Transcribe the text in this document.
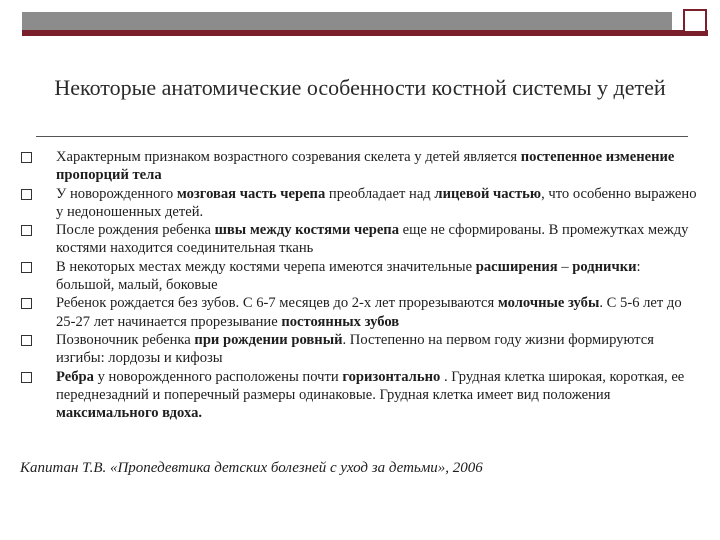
Некоторые анатомические особенности костной системы у детей
Характерным признаком возрастного созревания скелета у детей является постепенное изменение пропорций тела
У новорожденного мозговая часть черепа преобладает над лицевой частью, что особенно выражено у недоношенных детей.
После рождения ребенка швы между костями черепа еще не сформированы. В промежутках между костями находится соединительная ткань
В некоторых местах между костями черепа имеются значительные расширения – роднички: большой, малый, боковые
Ребенок рождается без зубов. С 6-7 месяцев до 2-х лет прорезываются молочные зубы. С 5-6 лет до 25-27 лет начинается прорезывание постоянных зубов
Позвоночник ребенка при рождении ровный. Постепенно на первом году жизни формируются изгибы: лордозы и кифозы
Ребра у новорожденного расположены почти горизонтально . Грудная клетка широкая, короткая, ее переднезадний и поперечный размеры одинаковые. Грудная клетка имеет вид положения максимального вдоха.
Капитан Т.В. «Пропедевтика детских болезней с уход за детьми», 2006
